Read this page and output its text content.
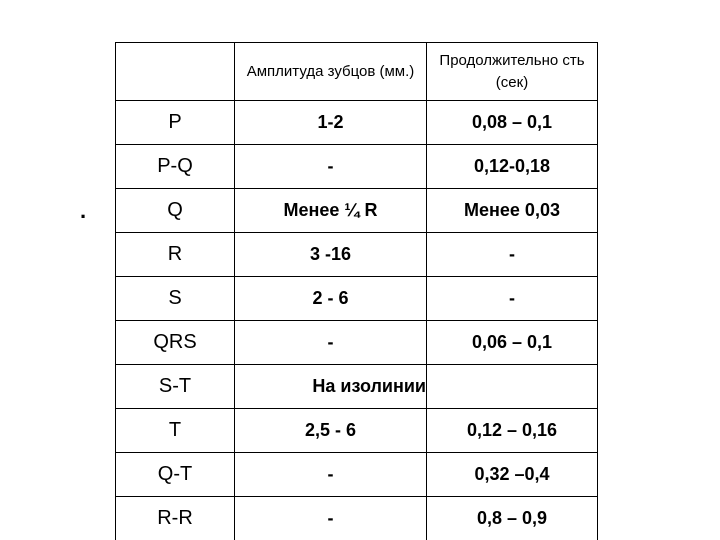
.
	Амплитуда зубцов (мм.)	Продолжительно сть (сек)
P	1-2	0,08 – 0,1
P-Q	-	0,12-0,18
Q	Менее ¼ R	Менее 0,03
R	3 -16	-
S	2 - 6	-
QRS	-	0,06 – 0,1
S-T	На изолинии	
T	2,5 - 6	0,12 – 0,16
Q-T	-	0,32 –0,4
R-R	-	0,8 – 0,9
